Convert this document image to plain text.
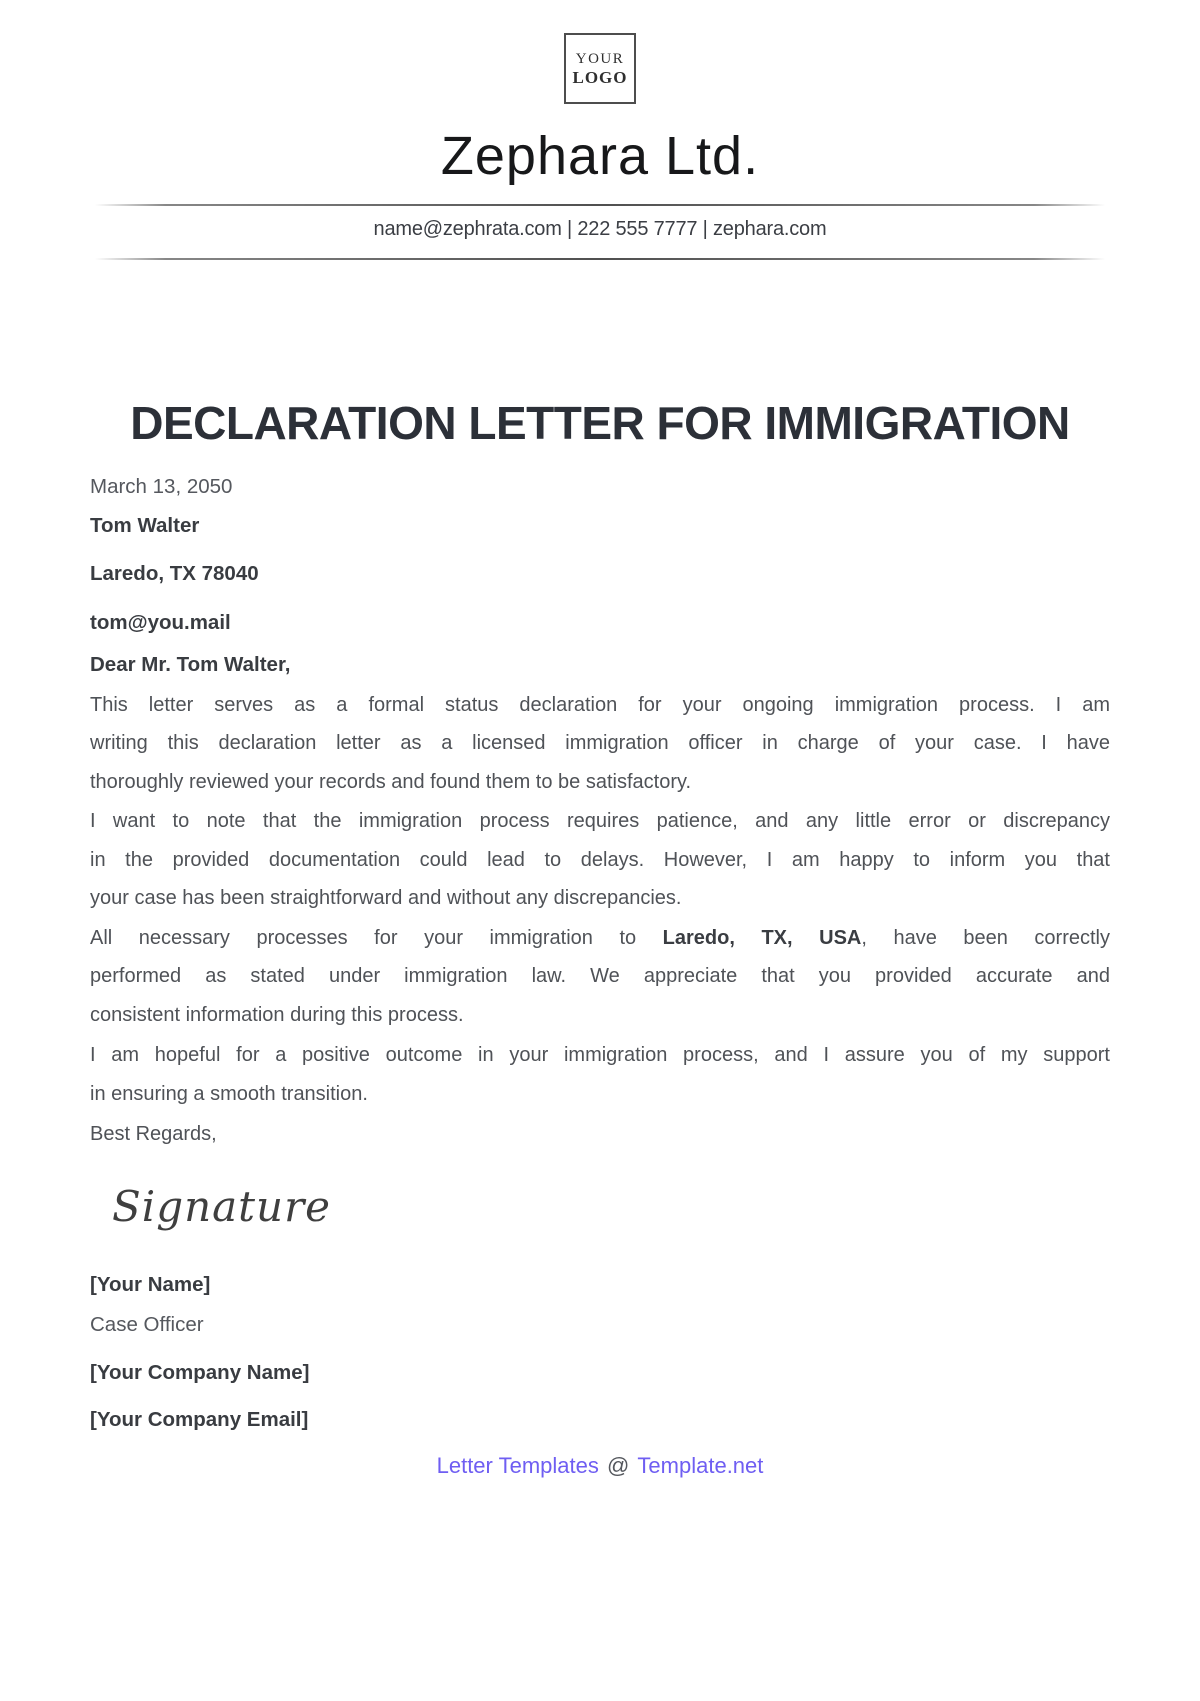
YOUR
LOGO
Zephara Ltd.
name@zephrata.com | 222 555 7777 | zephara.com
DECLARATION LETTER FOR IMMIGRATION
March 13, 2050
Tom Walter
Laredo, TX 78040
tom@you.mail
Dear Mr. Tom Walter,
This letter serves as a formal status declaration for your ongoing immigration process. I am
writing this declaration letter as a licensed immigration officer in charge of your case. I have
thoroughly reviewed your records and found them to be satisfactory.
I want to note that the immigration process requires patience, and any little error or discrepancy
in the provided documentation could lead to delays. However, I am happy to inform you that
your case has been straightforward and without any discrepancies.
All necessary processes for your immigration to Laredo, TX, USA, have been correctly
performed as stated under immigration law. We appreciate that you provided accurate and
consistent information during this process.
I am hopeful for a positive outcome in your immigration process, and I assure you of my support
in ensuring a smooth transition.
Best Regards,
Signature
[Your Name]
Case Officer
[Your Company Name]
[Your Company Email]
Letter Templates @ Template.net
